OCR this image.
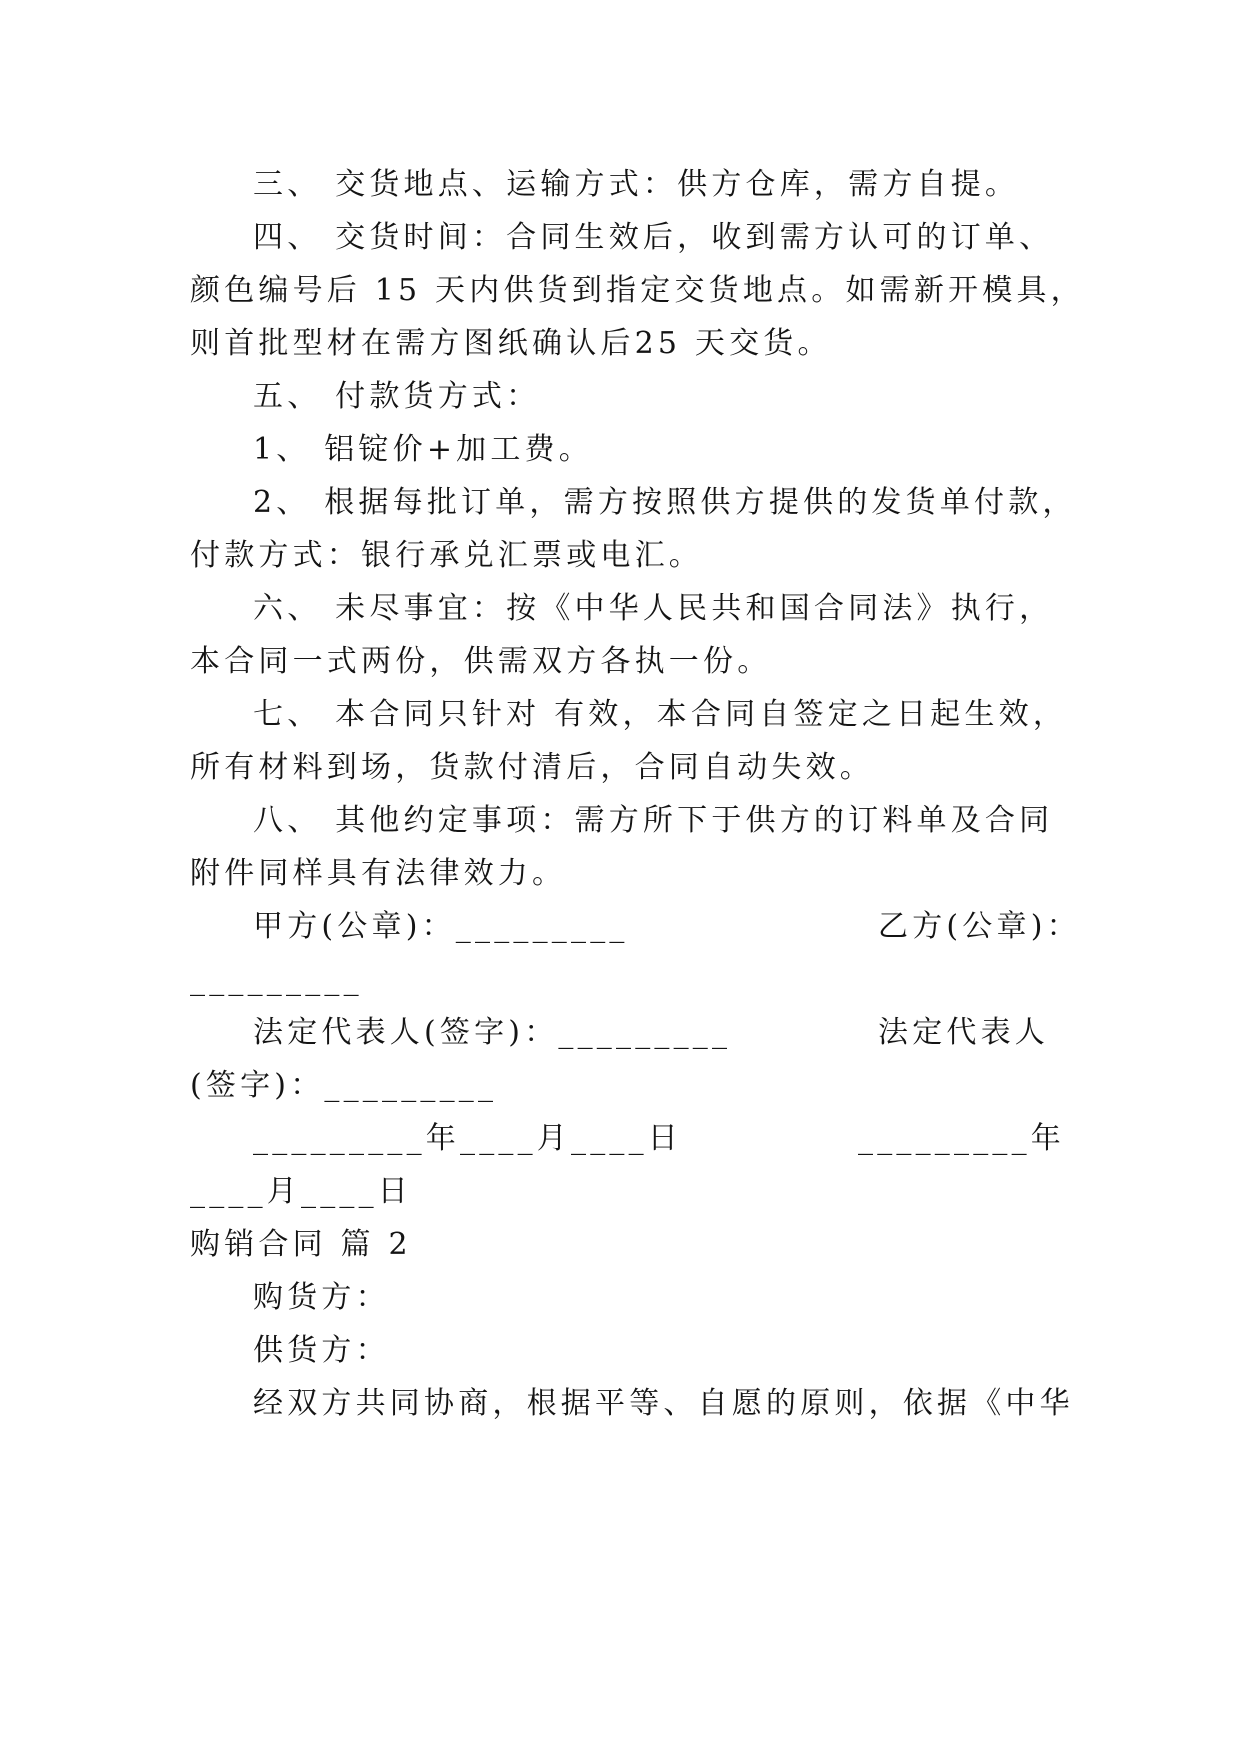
三、 交货地点、运输方式：供方仓库，需方自提。
四、 交货时间：合同生效后，收到需方认可的订单、
颜色编号后 15 天内供货到指定交货地点。如需新开模具，
则首批型材在需方图纸确认后25 天交货。
五、 付款货方式：
1、 铝锭价+加工费。
2、 根据每批订单，需方按照供方提供的发货单付款，
付款方式：银行承兑汇票或电汇。
六、 未尽事宜：按《中华人民共和国合同法》执行，
本合同一式两份，供需双方各执一份。
七、 本合同只针对 有效，本合同自签定之日起生效，
所有材料到场，货款付清后，合同自动失效。
八、 其他约定事项：需方所下于供方的订料单及合同
附件同样具有法律效力。
甲方(公章)：_________	乙方(公章)：
_________
法定代表人(签字)：_________	法定代表人
(签字)：_________
_________年____月____日	_________年
____月____日
购销合同 篇 2
购货方：
供货方：
经双方共同协商，根据平等、自愿的原则，依据《中华
